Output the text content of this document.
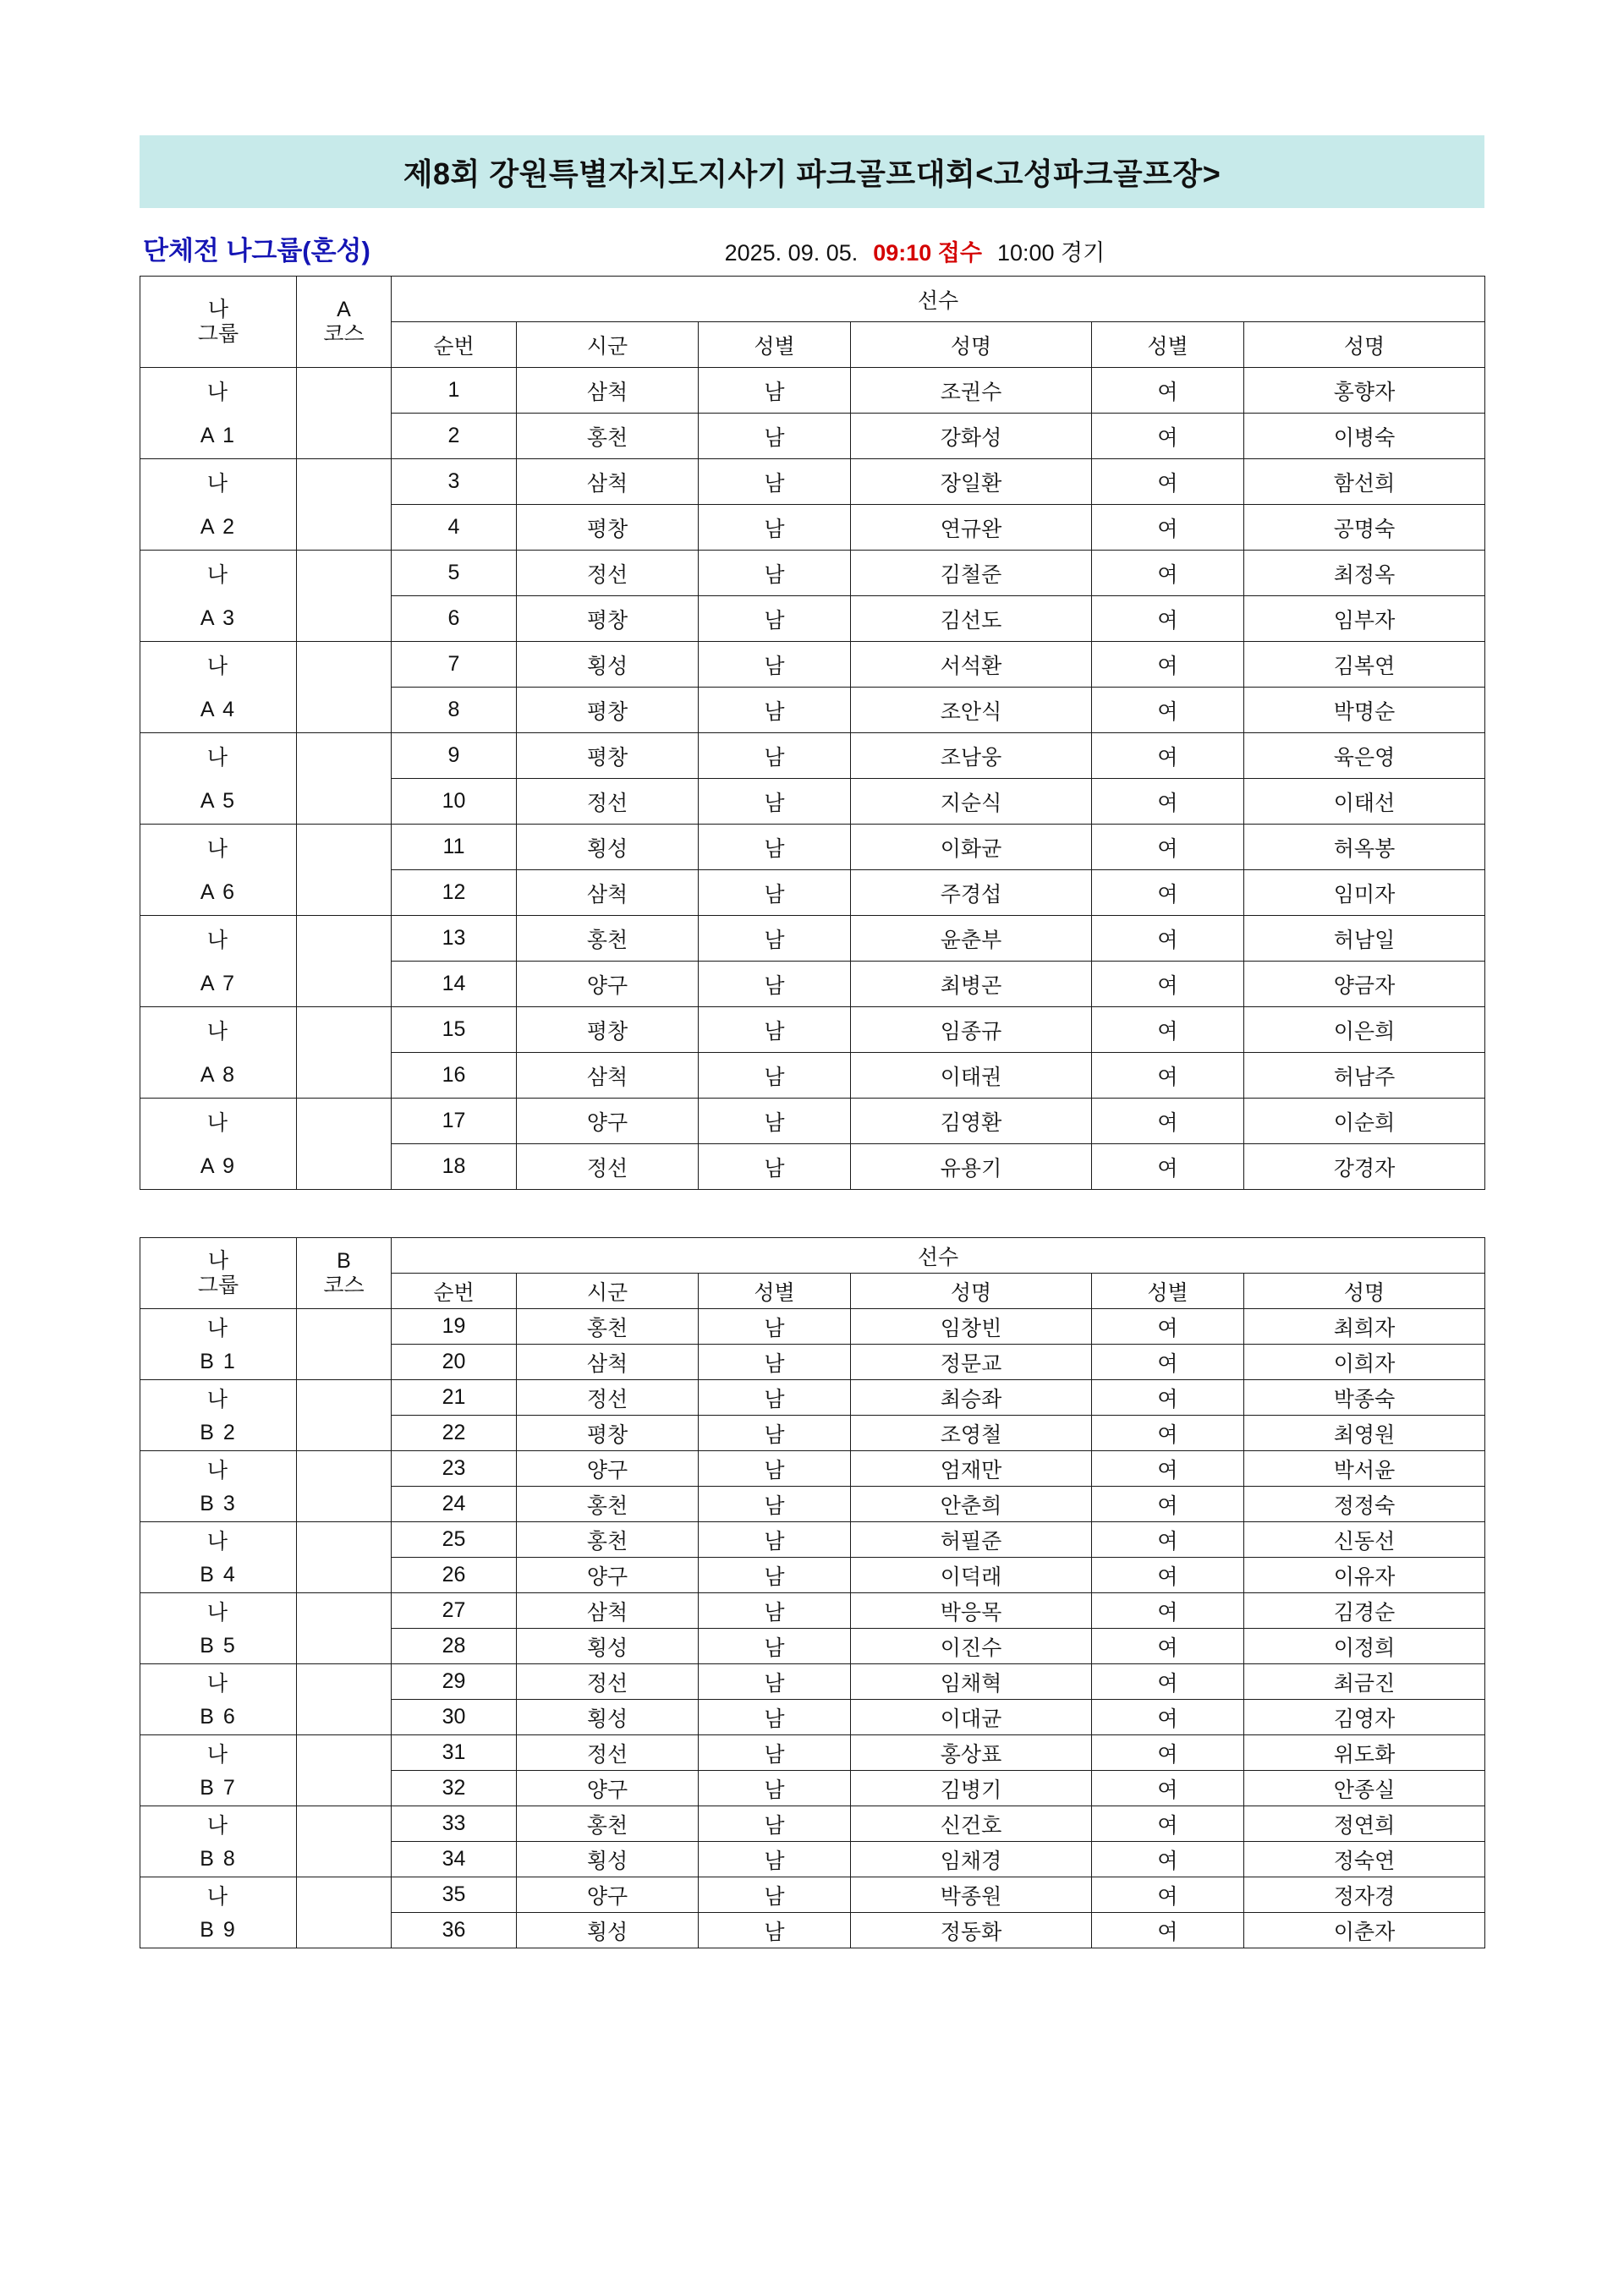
제8회 강원특별자치도지사기 파크골프대회<고성파크골프장>
단체전 나그룹(혼성)	2025. 09. 05. 09:10 접수 10:00 경기
나
그룹

A
코스
	선수
		순번	시군	성별	성명	성별	성명
나		1	삼척	남	조권수	여	홍향자
A 1		2	홍천	남	강화성	여	이병숙
나		3	삼척	남	장일환	여	함선희
A 2		4	평창	남	연규완	여	공명숙
나		5	정선	남	김철준	여	최정옥
A 3		6	평창	남	김선도	여	임부자
나		7	횡성	남	서석환	여	김복연
A 4		8	평창	남	조안식	여	박명순
나		9	평창	남	조남웅	여	육은영
A 5		10	정선	남	지순식	여	이태선
나		11	횡성	남	이화균	여	허옥봉
A 6		12	삼척	남	주경섭	여	임미자
나		13	홍천	남	윤춘부	여	허남일
A 7		14	양구	남	최병곤	여	양금자
나		15	평창	남	임종규	여	이은희
A 8		16	삼척	남	이태권	여	허남주
나		17	양구	남	김영환	여	이순희
A 9		18	정선	남	유용기	여	강경자
나
그룹

B
코스
	선수
		순번	시군	성별	성명	성별	성명
나		19	홍천	남	임창빈	여	최희자
B 1		20	삼척	남	정문교	여	이희자
나		21	정선	남	최승좌	여	박종숙
B 2		22	평창	남	조영철	여	최영원
나		23	양구	남	엄재만	여	박서윤
B 3		24	홍천	남	안춘희	여	정정숙
나		25	홍천	남	허필준	여	신동선
B 4		26	양구	남	이덕래	여	이유자
나		27	삼척	남	박응목	여	김경순
B 5		28	횡성	남	이진수	여	이정희
나		29	정선	남	임채혁	여	최금진
B 6		30	횡성	남	이대균	여	김영자
나		31	정선	남	홍상표	여	위도화
B 7		32	양구	남	김병기	여	안종실
나		33	홍천	남	신건호	여	정연희
B 8		34	횡성	남	임채경	여	정숙연
나		35	양구	남	박종원	여	정자경
B 9		36	횡성	남	정동화	여	이춘자
